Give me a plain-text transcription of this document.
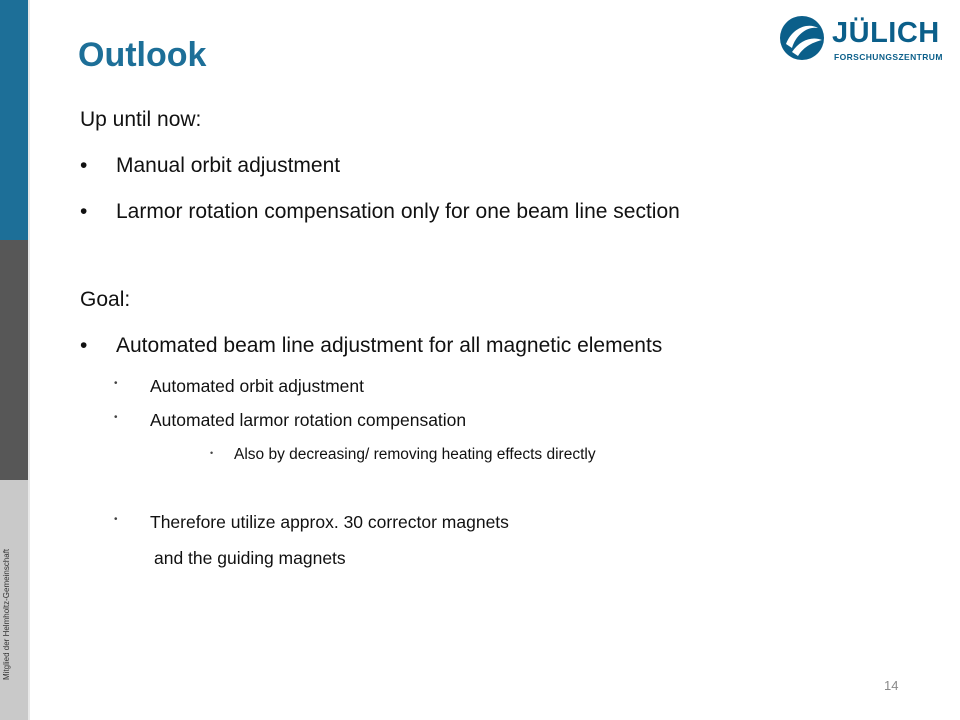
Mitglied der Helmholtz-Gemeinschaft
Outlook
JÜLICH
FORSCHUNGSZENTRUM
Up until now:
• Manual orbit adjustment
• Larmor rotation compensation only for one beam line section
Goal:
• Automated beam line adjustment for all magnetic elements
• Automated orbit adjustment
• Automated larmor rotation compensation
• Also by decreasing/ removing heating effects directly
• Therefore utilize approx. 30 corrector magnets
and the guiding magnets
14
